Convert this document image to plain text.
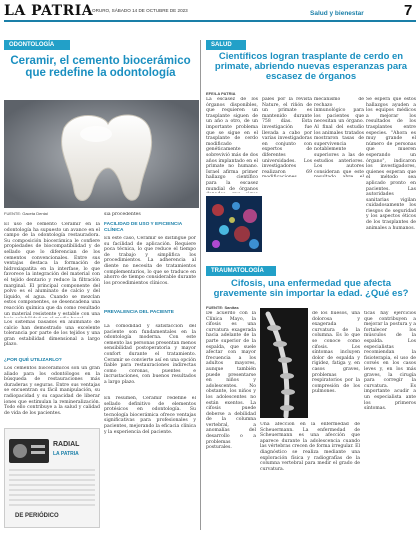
LA PATRIA
ORURO, SÁBADO 14 DE OCTUBRE DE 2023	Salud y bienestar	7
ODONTOLOGÍA
Ceramir, el cemento biocerámico que redefine la odontología
FUENTE: Gaceta Dental
El uso de cemento Ceramir en la odontología ha supuesto un avance en el campo de la odontología restauradora. Su composición biocerámica le confiere propiedades de biocompatibilidad y de sellado que lo diferencian de los cementos convencionales. Entre sus ventajas destaca la formación de hidroxiapatita en la interfase, lo que favorece la integración del material con el tejido dentario y reduce la filtración marginal. El principal componente del polvo es el aluminato de calcio y del líquido, el agua. Cuando se mezclan estos componentes, se desencadena una reacción química que da como resultado un material resistente y estable con una
Los sistemas basados en aluminato de calcio han demostrado una excelente tolerancia por parte de los tejidos y una gran estabilidad dimensional a largo plazo.
¿POR QUÉ UTILIZARLO?
Los cementos biocerámicos son un gran aliado para los odontólogos en la búsqueda de restauraciones más duraderas y seguras. Entre sus ventajas se encuentran su fácil manipulación, su radiopacidad y su capacidad de liberar iones que estimulan la remineralización. Todo ello contribuye a la salud y calidad de vida de los pacientes.
sia procedentes
FACILIDAD DE USO Y EFICIENCIA CLÍNICA
En este caso, Ceramir se distingue por su facilidad de aplicación. Requiere poca técnica, lo que reduce el tiempo de trabajo y simplifica los procedimientos. La adherencia al diente no necesita de tratamientos complementarios, lo que se traduce en ahorro de tiempo considerable durante los procedimientos clínicos.
PREVALENCIA DEL PACIENTE
La comodidad y satisfacción del paciente son fundamentales en la odontología moderna. Con este cemento las personas presentan menos sensibilidad postoperatoria y mayor confort durante el tratamiento. Ceramir se convierte así en una opción fiable para restauraciones indirectas como coronas, puentes e incrustaciones, con buenos resultados a largo plazo.
En resumen, Ceramir redefine el sellado definitivo de elementos protésicos en odontología. Su tecnología biocerámica ofrece ventajas significativas para profesionales y pacientes, mejorando la eficacia clínica y la experiencia del paciente.
RADIAL
LA PATRIA
DE PERIÓDICO
SALUD
Científicos logran trasplante de cerdo en primate, abriendo nuevas esperanzas para escasez de órganos
EFE/LA PATRIA
La escasez de los órganos disponibles, que requieren un trasplante siguen de un año a otro, de un importante problema que se sigue en el trasplante de cerdo modificado genéticamente sobrevivió más de dos años implantado en el primate no humano. Israel afirma primer hallazgo científico para la escasez mundial de órganos
pales por la revista Nature, el riñón de un primate es mantenido durante 758 días. Esta investigación fue llevada a cabo por varias investigadoras en conjunto con expertos de diferentes universidades. Los investigadores realizaron 69
mecanismo de rechazo inmunológico para los pacientes que necesitan un órgano. Al final del estudio los animales tratados mostraron tasas de supervivencia notablemente superiores a las de estudios anteriores. Los autores consideran que este
Se espera que estos hallazgos ayuden a los equipos médicos a mejorar los resultados de los trasplantes entre especies. "Ahora es muy grande el número de personas que mueren esperando un órgano", indicaron los investigadores, quienes esperan que el método sea aplicado pronto en pacientes. Las autoridades sanitarias vigilan cuidadosamente los riesgos de seguridad y los aspectos éticos de los trasplantes de animales a humanos.
TRAUMATOLOGÍA
Cifosis, una enfermedad que afecta gravemente sin importar la edad. ¿Qué es?
FUENTE: Sanitas
De acuerdo con la Clínica Mayo, la cifosis es una curvatura exagerada hacia adelante de la parte superior de la espalda, que suele afectar con mayor frecuencia a los adultos mayores, aunque también puede presentarse en niños y adolescentes. No obstante, los niños y los adolescentes no están exentos. La cifosis puede deberse a debilidad de la columna vertebral, a anomalías del desarrollo o a problemas posturales.
de los huesos, una dolorosa y exagerada curvatura de la columna. Es lo que se conoce como cifosis. Los síntomas incluyen dolor de espalda y rigidez, fatiga y, en casos graves, problemas respiratorios por la compresión de los pulmones.
Una afección en la enfermedad de Scheuermann. La enfermedad de Scheuermann es una afección que aparece durante la adolescencia cuando las vértebras crecen de forma irregular. El diagnóstico se realiza mediante una exploración física y radiografías de la columna vertebral para medir el grado de curvatura.
ticas hay ejercicios que contribuyen a mejorar la postura y a fortalecer los músculos de la espalda. Los especialistas recomiendan la fisioterapia, el uso de corsés en los casos leves y, en los más graves, la cirugía para corregir la curvatura. Es importante acudir a un especialista ante los primeros síntomas.
